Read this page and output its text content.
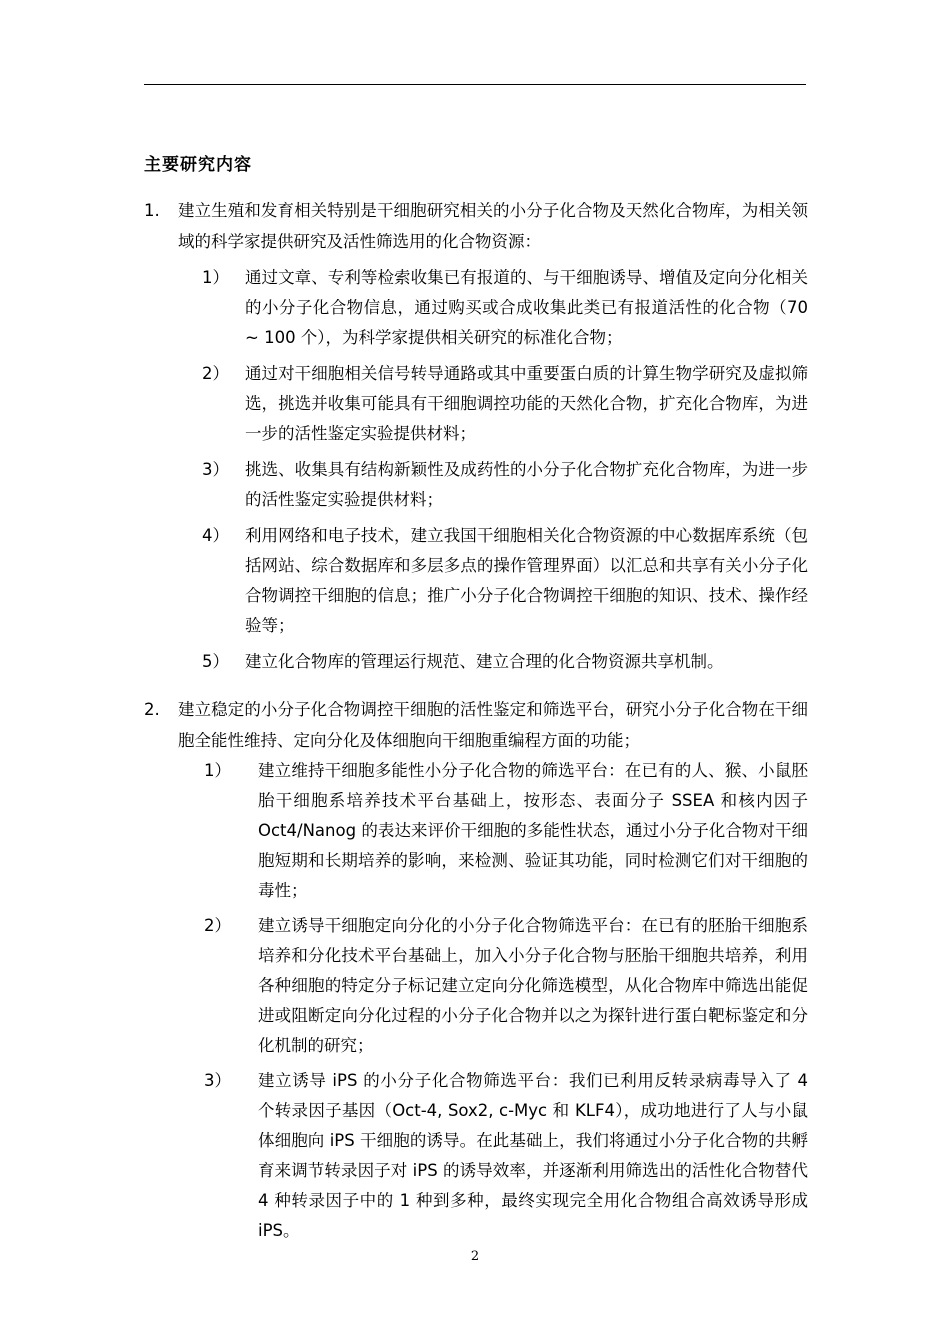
主要研究内容
1.	建立生殖和发育相关特别是干细胞研究相关的小分子化合物及天然化合物库，为相关领域的科学家提供研究及活性筛选用的化合物资源：
1） 通过文章、专利等检索收集已有报道的、与干细胞诱导、增值及定向分化相关的小分子化合物信息，通过购买或合成收集此类已有报道活性的化合物（70 ~ 100 个），为科学家提供相关研究的标准化合物；
2） 通过对干细胞相关信号转导通路或其中重要蛋白质的计算生物学研究及虚拟筛选，挑选并收集可能具有干细胞调控功能的天然化合物，扩充化合物库，为进一步的活性鉴定实验提供材料；
3） 挑选、收集具有结构新颖性及成药性的小分子化合物扩充化合物库，为进一步的活性鉴定实验提供材料；
4） 利用网络和电子技术，建立我国干细胞相关化合物资源的中心数据库系统（包括网站、综合数据库和多层多点的操作管理界面）以汇总和共享有关小分子化合物调控干细胞的信息；推广小分子化合物调控干细胞的知识、技术、操作经验等；
5） 建立化合物库的管理运行规范、建立合理的化合物资源共享机制。
2.	建立稳定的小分子化合物调控干细胞的活性鉴定和筛选平台，研究小分子化合物在干细胞全能性维持、定向分化及体细胞向干细胞重编程方面的功能；
1）	建立维持干细胞多能性小分子化合物的筛选平台：在已有的人、猴、小鼠胚胎干细胞系培养技术平台基础上，按形态、表面分子 SSEA 和核内因子 Oct4/Nanog 的表达来评价干细胞的多能性状态，通过小分子化合物对干细胞短期和长期培养的影响，来检测、验证其功能，同时检测它们对干细胞的毒性；
2）	建立诱导干细胞定向分化的小分子化合物筛选平台：在已有的胚胎干细胞系培养和分化技术平台基础上，加入小分子化合物与胚胎干细胞共培养，利用各种细胞的特定分子标记建立定向分化筛选模型，从化合物库中筛选出能促进或阻断定向分化过程的小分子化合物并以之为探针进行蛋白靶标鉴定和分化机制的研究；
3）	建立诱导 iPS 的小分子化合物筛选平台：我们已利用反转录病毒导入了 4 个转录因子基因（Oct-4, Sox2, c-Myc 和 KLF4），成功地进行了人与小鼠体细胞向 iPS 干细胞的诱导。在此基础上，我们将通过小分子化合物的共孵育来调节转录因子对 iPS 的诱导效率，并逐渐利用筛选出的活性化合物替代 4 种转录因子中的 1 种到多种，最终实现完全用化合物组合高效诱导形成 iPS。
2
